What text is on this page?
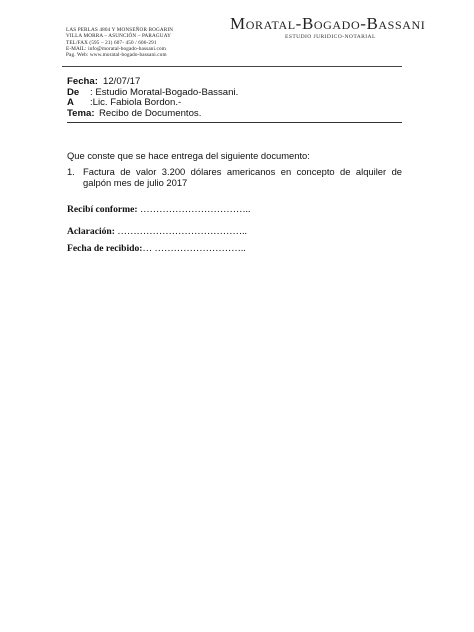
LAS PERLAS 4804 Y MONSEÑOR BOGARIN
VILLA MORRA – ASUNCIÓN – PARAGUAY
TEL/FAX (595 – 21) 607- 450 / 606-291
E-MAIL: info@moratal-bogado-bassani.com
Pag. Web: www.moratal-bogado-bassani.com
Moratal-Bogado-Bassani
ESTUDIO JURIDICO-NOTARIAL
Fecha: 12/07/17
De : Estudio Moratal-Bogado-Bassani.
A :Lic. Fabiola Bordon.-
Tema: Recibo de Documentos.
Que conste que se hace entrega del siguiente documento:
1. Factura de valor 3.200 dólares americanos en concepto de alquiler de galpón mes de julio 2017
Recibí conforme: ……………………………..
Aclaración: …………………………………..
Fecha de recibido:… ………………………..
